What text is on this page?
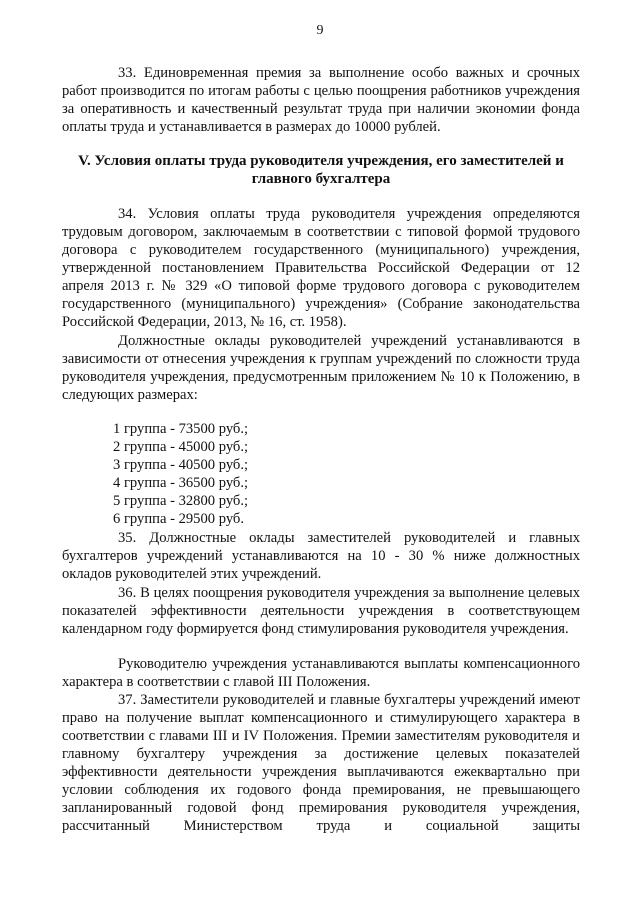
9

33. Единовременная премия за выполнение особо важных и срочных работ производится по итогам работы с целью поощрения работников учреждения за оперативность и качественный результат труда при наличии экономии фонда оплаты труда и устанавливается в размерах до 10000 рублей.

V. Условия оплаты труда руководителя учреждения, его заместителей и главного бухгалтера

34. Условия оплаты труда руководителя учреждения определяются трудовым договором, заключаемым в соответствии с типовой формой трудового договора с руководителем государственного (муниципального) учреждения, утвержденной постановлением Правительства Российской Федерации от 12 апреля 2013 г. № 329 «О типовой форме трудового договора с руководителем государственного (муниципального) учреждения» (Собрание законодательства Российской Федерации, 2013, № 16, ст. 1958).

Должностные оклады руководителей учреждений устанавливаются в зависимости от отнесения учреждения к группам учреждений по сложности труда руководителя учреждения, предусмотренным приложением № 10 к Положению, в следующих размерах:

1 группа - 73500 руб.;
2 группа - 45000 руб.;
3 группа - 40500 руб.;
4 группа - 36500 руб.;
5 группа - 32800 руб.;
6 группа - 29500 руб.

35. Должностные оклады заместителей руководителей и главных бухгалтеров учреждений устанавливаются на 10 - 30 % ниже должностных окладов руководителей этих учреждений.

36. В целях поощрения руководителя учреждения за выполнение целевых показателей эффективности деятельности учреждения в соответствующем календарном году формируется фонд стимулирования руководителя учреждения.

Руководителю учреждения устанавливаются выплаты компенсационного характера в соответствии с главой III Положения.

37. Заместители руководителей и главные бухгалтеры учреждений имеют право на получение выплат компенсационного и стимулирующего характера в соответствии с главами III и IV Положения. Премии заместителям руководителя и главному бухгалтеру учреждения за достижение целевых показателей эффективности деятельности учреждения выплачиваются ежеквартально при условии соблюдения их годового фонда премирования, не превышающего запланированный годовой фонд премирования руководителя учреждения, рассчитанный Министерством труда и социальной защиты
